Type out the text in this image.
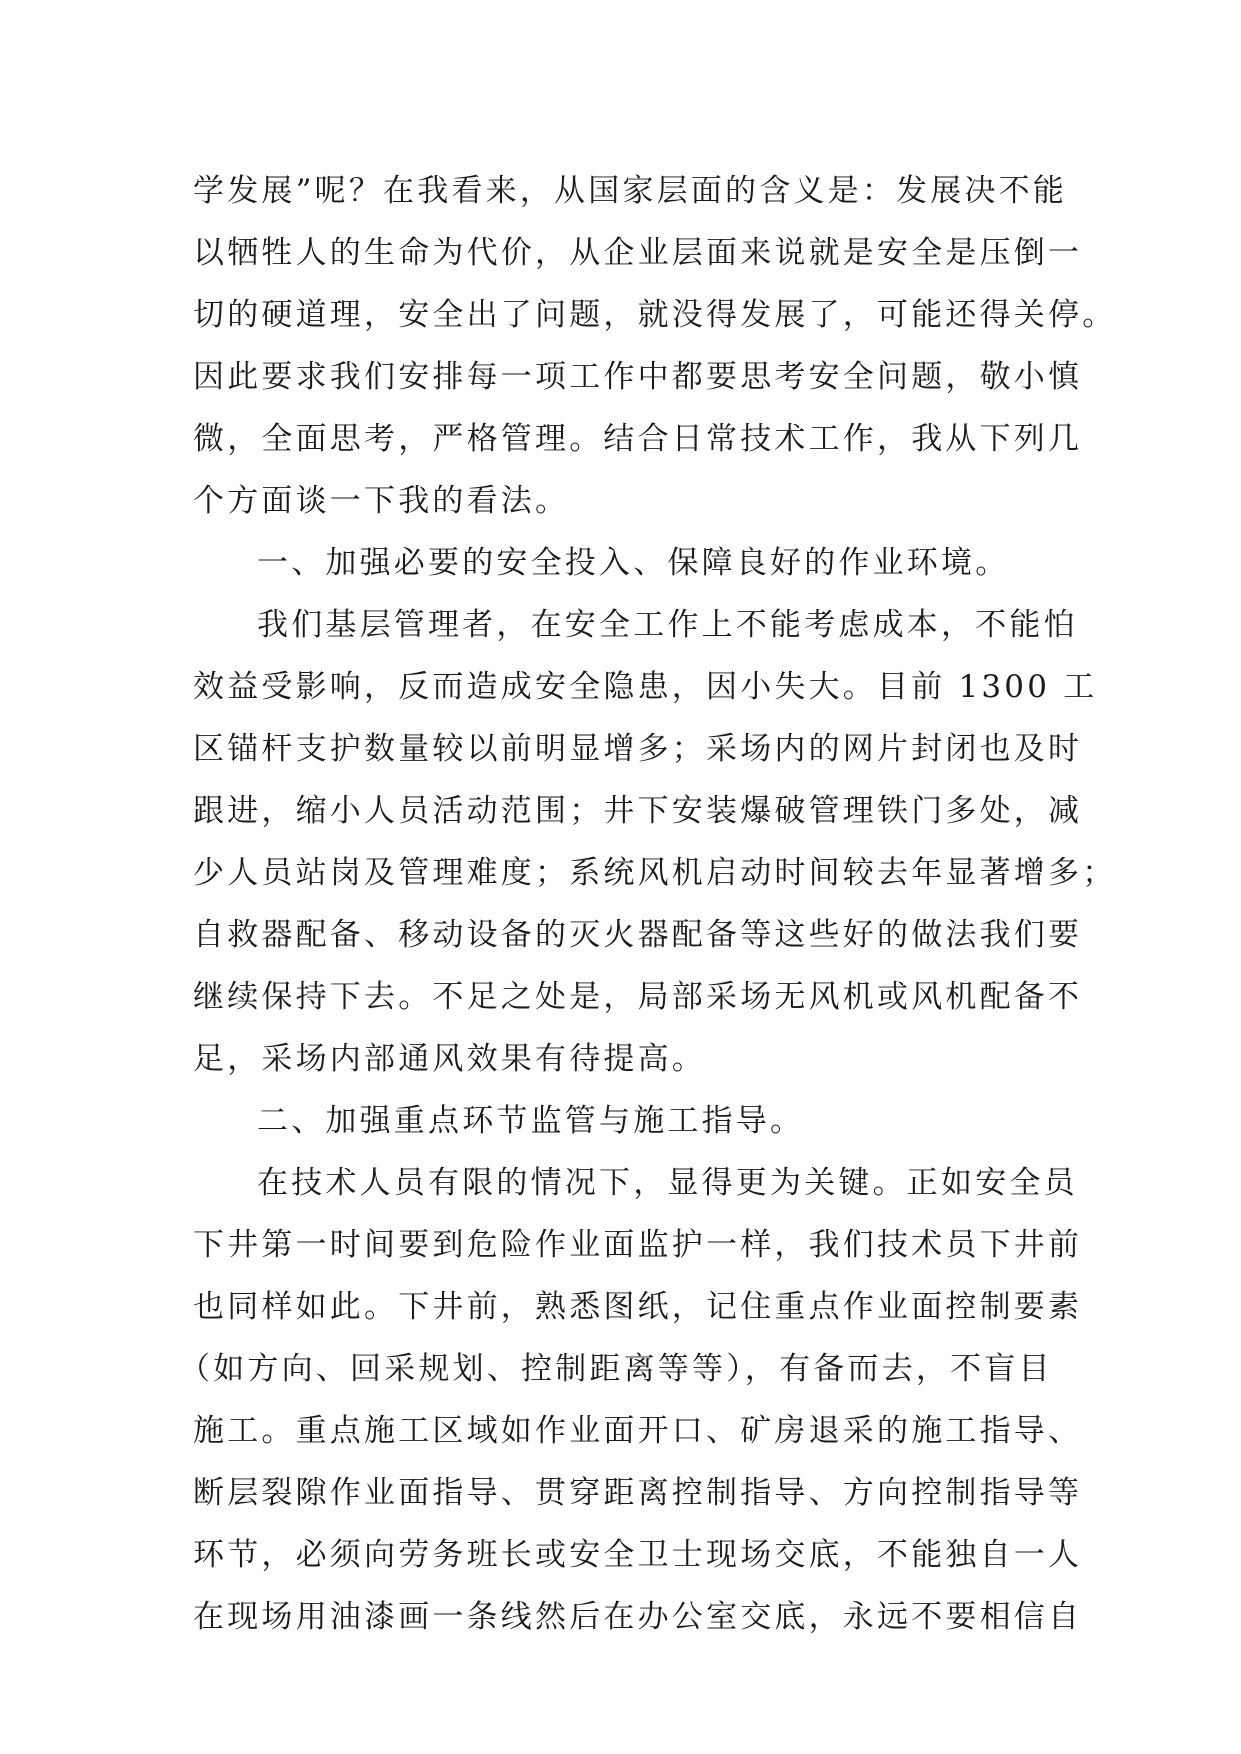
学发展”呢？在我看来，从国家层面的含义是：发展决不能
以牺牲人的生命为代价，从企业层面来说就是安全是压倒一
切的硬道理，安全出了问题，就没得发展了，可能还得关停。
因此要求我们安排每一项工作中都要思考安全问题，敬小慎
微，全面思考，严格管理。结合日常技术工作，我从下列几
个方面谈一下我的看法。
一、加强必要的安全投入、保障良好的作业环境。
我们基层管理者，在安全工作上不能考虑成本，不能怕
效益受影响，反而造成安全隐患，因小失大。目前 1300 工
区锚杆支护数量较以前明显增多；采场内的网片封闭也及时
跟进，缩小人员活动范围；井下安装爆破管理铁门多处，减
少人员站岗及管理难度；系统风机启动时间较去年显著增多；
自救器配备、移动设备的灭火器配备等这些好的做法我们要
继续保持下去。不足之处是，局部采场无风机或风机配备不
足，采场内部通风效果有待提高。
二、加强重点环节监管与施工指导。
在技术人员有限的情况下，显得更为关键。正如安全员
下井第一时间要到危险作业面监护一样，我们技术员下井前
也同样如此。下井前，熟悉图纸，记住重点作业面控制要素
（如方向、回采规划、控制距离等等），有备而去，不盲目
施工。重点施工区域如作业面开口、矿房退采的施工指导、
断层裂隙作业面指导、贯穿距离控制指导、方向控制指导等
环节，必须向劳务班长或安全卫士现场交底，不能独自一人
在现场用油漆画一条线然后在办公室交底，永远不要相信自
